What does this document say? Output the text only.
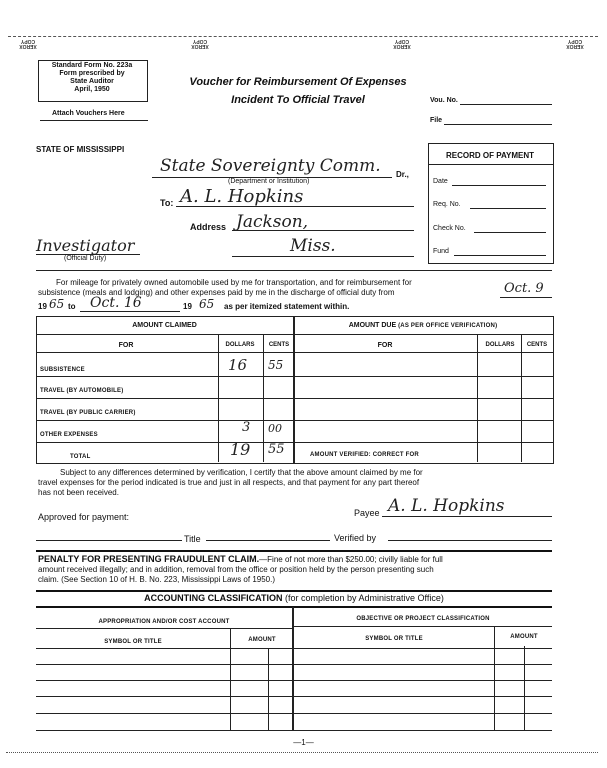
XEROX COPY
XEROX COPY
XEROX COPY
XEROX COPY
Standard Form No. 223a
Form prescribed by
State Auditor
April, 1950
Attach Vouchers Here
Voucher for Reimbursement Of Expenses
Incident To Official Travel	Vou. No.
File
STATE OF MISSISSIPPI
State Sovereignty Comm. Dr.,
(Department or Institution)
To: A. L. Hopkins
Address Jackson,
Miss.
Investigator
(Official Duty)
RECORD OF PAYMENT
Date
Req. No.
Check No.
Fund
For mileage for privately owned automobile used by me for transportation, and for reimbursement for
subsistence (meals and lodging) and other expenses paid by me in the discharge of official duty from	Oct. 9
19 65 to Oct. 16	19 65 as per itemized statement within.
AMOUNT CLAIMED	AMOUNT DUE (AS PER OFFICE VERIFICATION)
FOR	DOLLARS	CENTS	FOR	DOLLARS	CENTS
SUBSISTENCE	16 55
TRAVEL (BY AUTOMOBILE)
TRAVEL (BY PUBLIC CARRIER)
OTHER EXPENSES	3 00
TOTAL	19 55	AMOUNT VERIFIED: CORRECT FOR
Subject to any differences determined by verification, I certify that the above amount claimed by me for
travel expenses for the period indicated is true and just in all respects, and that payment for any part thereof
has not been received.
Payee A. L. Hopkins
Approved for payment:
Title	Verified by
PENALTY FOR PRESENTING FRAUDULENT CLAIM.—Fine of not more than $250.00; civilly liable for full
amount received illegally; and in addition, removal from the office or position held by the person presenting such
claim. (See Section 10 of H. B. No. 223, Mississippi Laws of 1950.)
ACCOUNTING CLASSIFICATION (for completion by Administrative Office)
APPROPRIATION AND/OR COST ACCOUNT	OBJECTIVE OR PROJECT CLASSIFICATION
SYMBOL OR TITLE	AMOUNT	SYMBOL OR TITLE	AMOUNT
—1—
